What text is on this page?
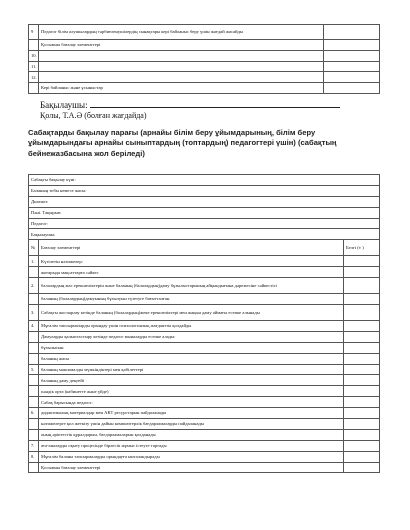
9	Педагог білім алушылардың тәрбиеленушілердің сынақтары кері байланыс беру үшін жағдай жасайды	
	Қосымша бағалау элементтері	
10.		
11.		
12.		
	Кері байланыс және ұсыныстар	
Бақылаушы:
Қолы, Т.А.Ә (болған жағдайда)
Сабақтарды бақылау парағы (арнайы білім беру ұйымдарының, білім беру ұйымдарындағы арнайы сыныптардың (топтардың) педагогтері үшін) (сабақтың бейнежазбасына жол беріледі)
Сабақты бақылау күні:		
Баланың тобы немесе жасы:		
Диагноз:		
Пәні. Тақырып:		
Педагог:		
Бақылаушы:		
№	Бағалау элементтері	Белгі (v )
1.	Күтілетін нәтижелер:	
	жоғарыда мақсаттарға сәйкес	
2.	балалардың жас ерекшеліктерін және баланың (балалардың)даму бұзылыстарының айқындығына дәрежесіне сәйкестігі	
	баланың (балалардың)дамуының бұзылуын түзетуге бағытталған	
3.	Сабақты жоспарлау кезінде баланың (балалардың)жеке ерекшеліктері мен жақын даму аймағы есепке алынады	
4.	Мұғалім тапсырмаларды орындау үшін психологиялық жағдаятты қолдайды	
	Дамуларды қалыптастыру кезінде педагог мыналарды есепке алады:	
	бұзылысын	
	баланың жасы	
5.	баланың максималды мүмкіндіктері мен қабілеттері	
	баланың даму деңгейі	
	пәндік орта (кабинетте және үйде)	
	Сабақ барысында педагог:	
6.	дидактикалық материалдар мен АКТ ресурстарын пайдаланады	
	нәтижелерге қол жеткізу үшін дайын компьютерлік бағдарламаларды пайдаланады	
	оның әріптестік құралдарын, бағдарламаларын қолданады	
7.	ата-аналарды оқыту процесінде бірлесіп жұмыс істеуге тартады	
8.	Мұғалім баланы тапсырмаларды орындауға ынталандырады	
	Қосымша бағалау элементтері	
